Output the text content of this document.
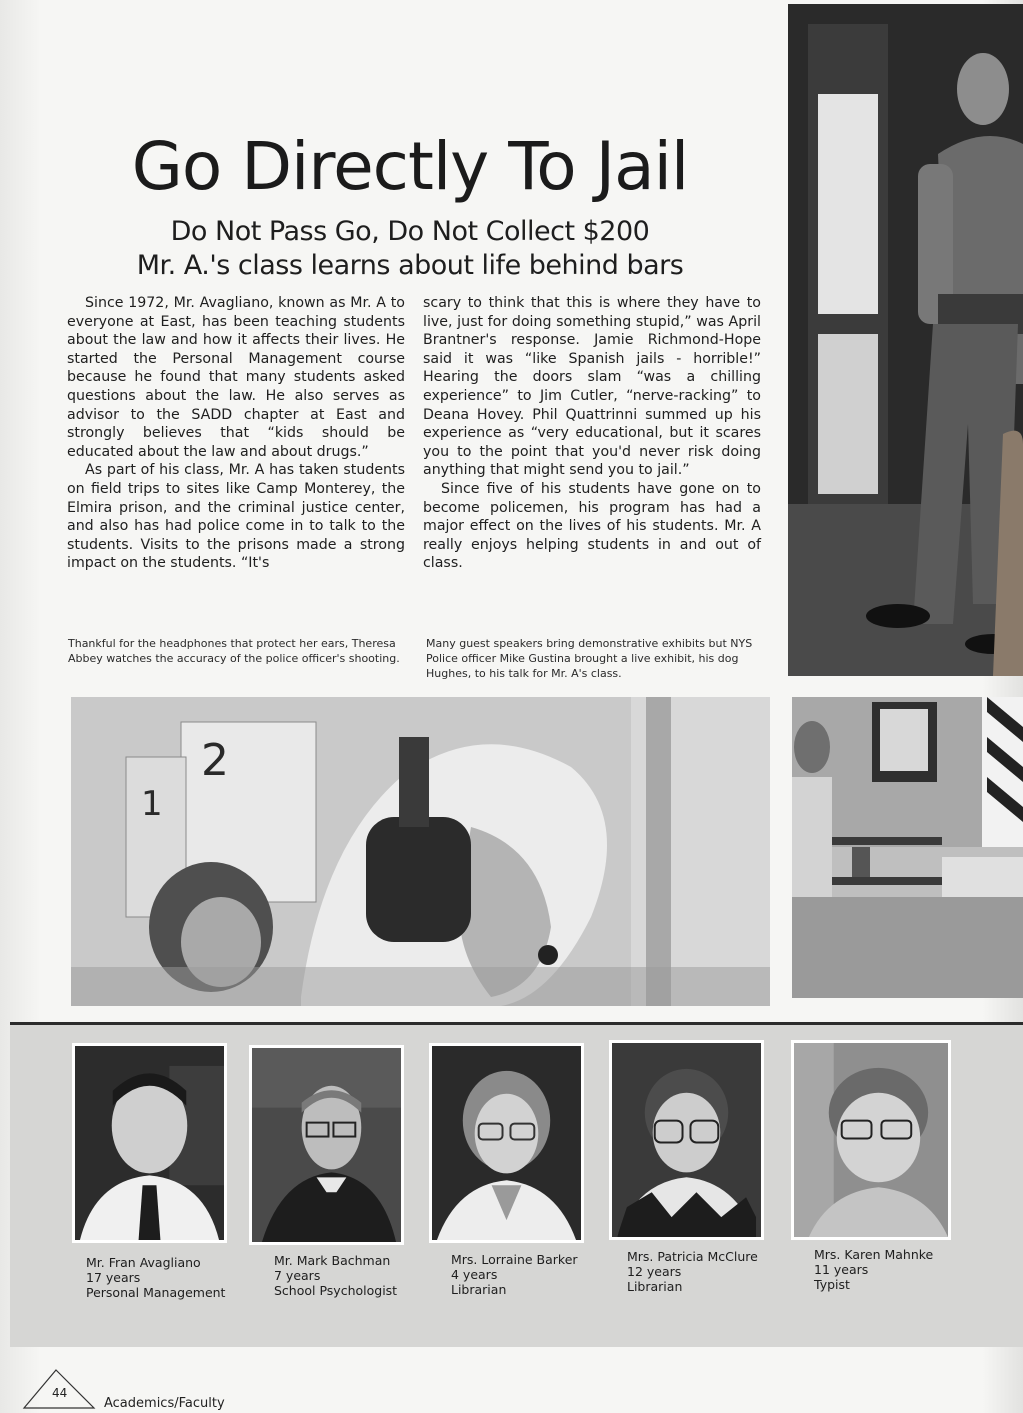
Go Directly To Jail
Do Not Pass Go, Do Not Collect $200
Mr. A.'s class learns about life behind bars

Since 1972, Mr. Avagliano, known as Mr. A to everyone at East, has been teaching students about the law and how it affects their lives. He started the Personal Management course because he found that many students asked questions about the law. He also serves as advisor to the SADD chapter at East and strongly believes that “kids should be educated about the law and about drugs.”

As part of his class, Mr. A has taken students on field trips to sites like Camp Monterey, the Elmira prison, and the criminal justice center, and also has had police come in to talk to the students. Visits to the prisons made a strong impact on the students. “It's

scary to think that this is where they have to live, just for doing something stupid,” was April Brantner's response. Jamie Richmond-Hope said it was “like Spanish jails - horrible!” Hearing the doors slam “was a chilling experience” to Jim Cutler, “nerve-racking” to Deana Hovey. Phil Quattrinni summed up his experience as “very educational, but it scares you to the point that you'd never risk doing anything that might send you to jail.”

Since five of his students have gone on to become policemen, his program has had a major effect on the lives of his students. Mr. A really enjoys helping students in and out of class.

Thankful for the headphones that protect her ears, Theresa Abbey watches the accuracy of the police officer's shooting.
Many guest speakers bring demonstrative exhibits but NYS Police officer Mike Gustina brought a live exhibit, his dog Hughes, to his talk for Mr. A's class.
2
1
Mr. Fran Avagliano
17 years
Personal Management
Mr. Mark Bachman
7 years
School Psychologist
Mrs. Lorraine Barker
4 years
Librarian
Mrs. Patricia McClure
12 years
Librarian
Mrs. Karen Mahnke
11 years
Typist
44
Academics/Faculty
